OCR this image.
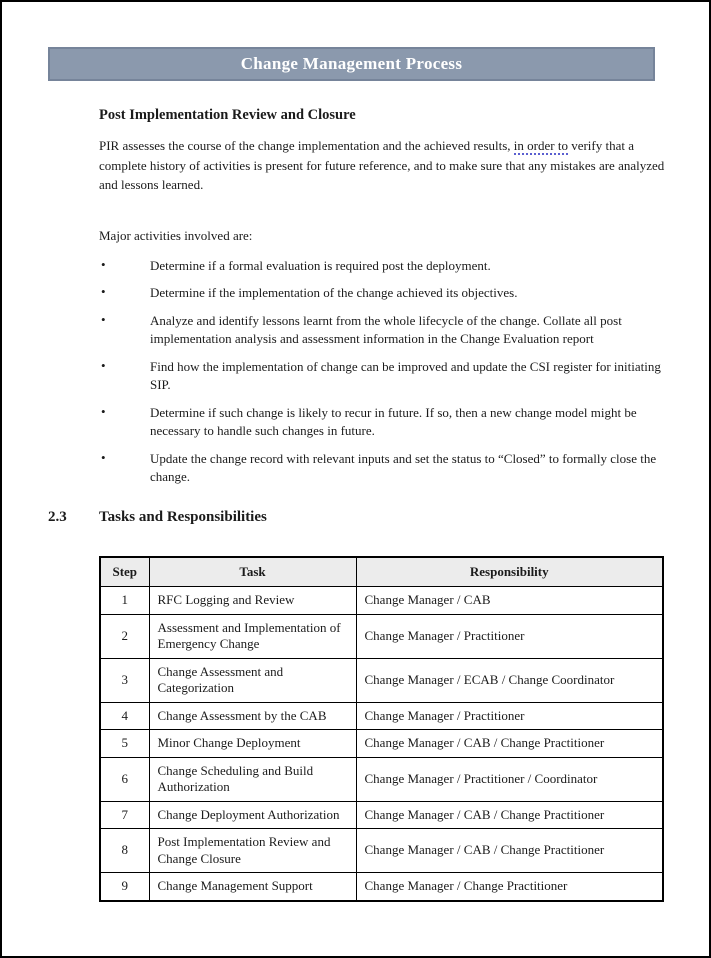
Change Management Process
Post Implementation Review and Closure

PIR assesses the course of the change implementation and the achieved results, in order to verify that a complete history of activities is present for future reference, and to make sure that any mistakes are analyzed and lessons learned.

Major activities involved are:

•	Determine if a formal evaluation is required post the deployment.
•	Determine if the implementation of the change achieved its objectives.
•	Analyze and identify lessons learnt from the whole lifecycle of the change. Collate all post implementation analysis and assessment information in the Change Evaluation report
•	Find how the implementation of change can be improved and update the CSI register for initiating SIP.
•	Determine if such change is likely to recur in future. If so, then a new change model might be necessary to handle such changes in future.
•	Update the change record with relevant inputs and set the status to “Closed” to formally close the change.
2.3	Tasks and Responsibilities
Step	Task	Responsibility
1	RFC Logging and Review	Change Manager / CAB
2	Assessment and Implementation of Emergency Change	Change Manager / Practitioner
3	Change Assessment and Categorization	Change Manager / ECAB / Change Coordinator
4	Change Assessment by the CAB	Change Manager / Practitioner
5	Minor Change Deployment	Change Manager / CAB / Change Practitioner
6	Change Scheduling and Build Authorization	Change Manager / Practitioner / Coordinator
7	Change Deployment Authorization	Change Manager / CAB / Change Practitioner
8	Post Implementation Review and Change Closure	Change Manager / CAB / Change Practitioner
9	Change Management Support	Change Manager / Change Practitioner
